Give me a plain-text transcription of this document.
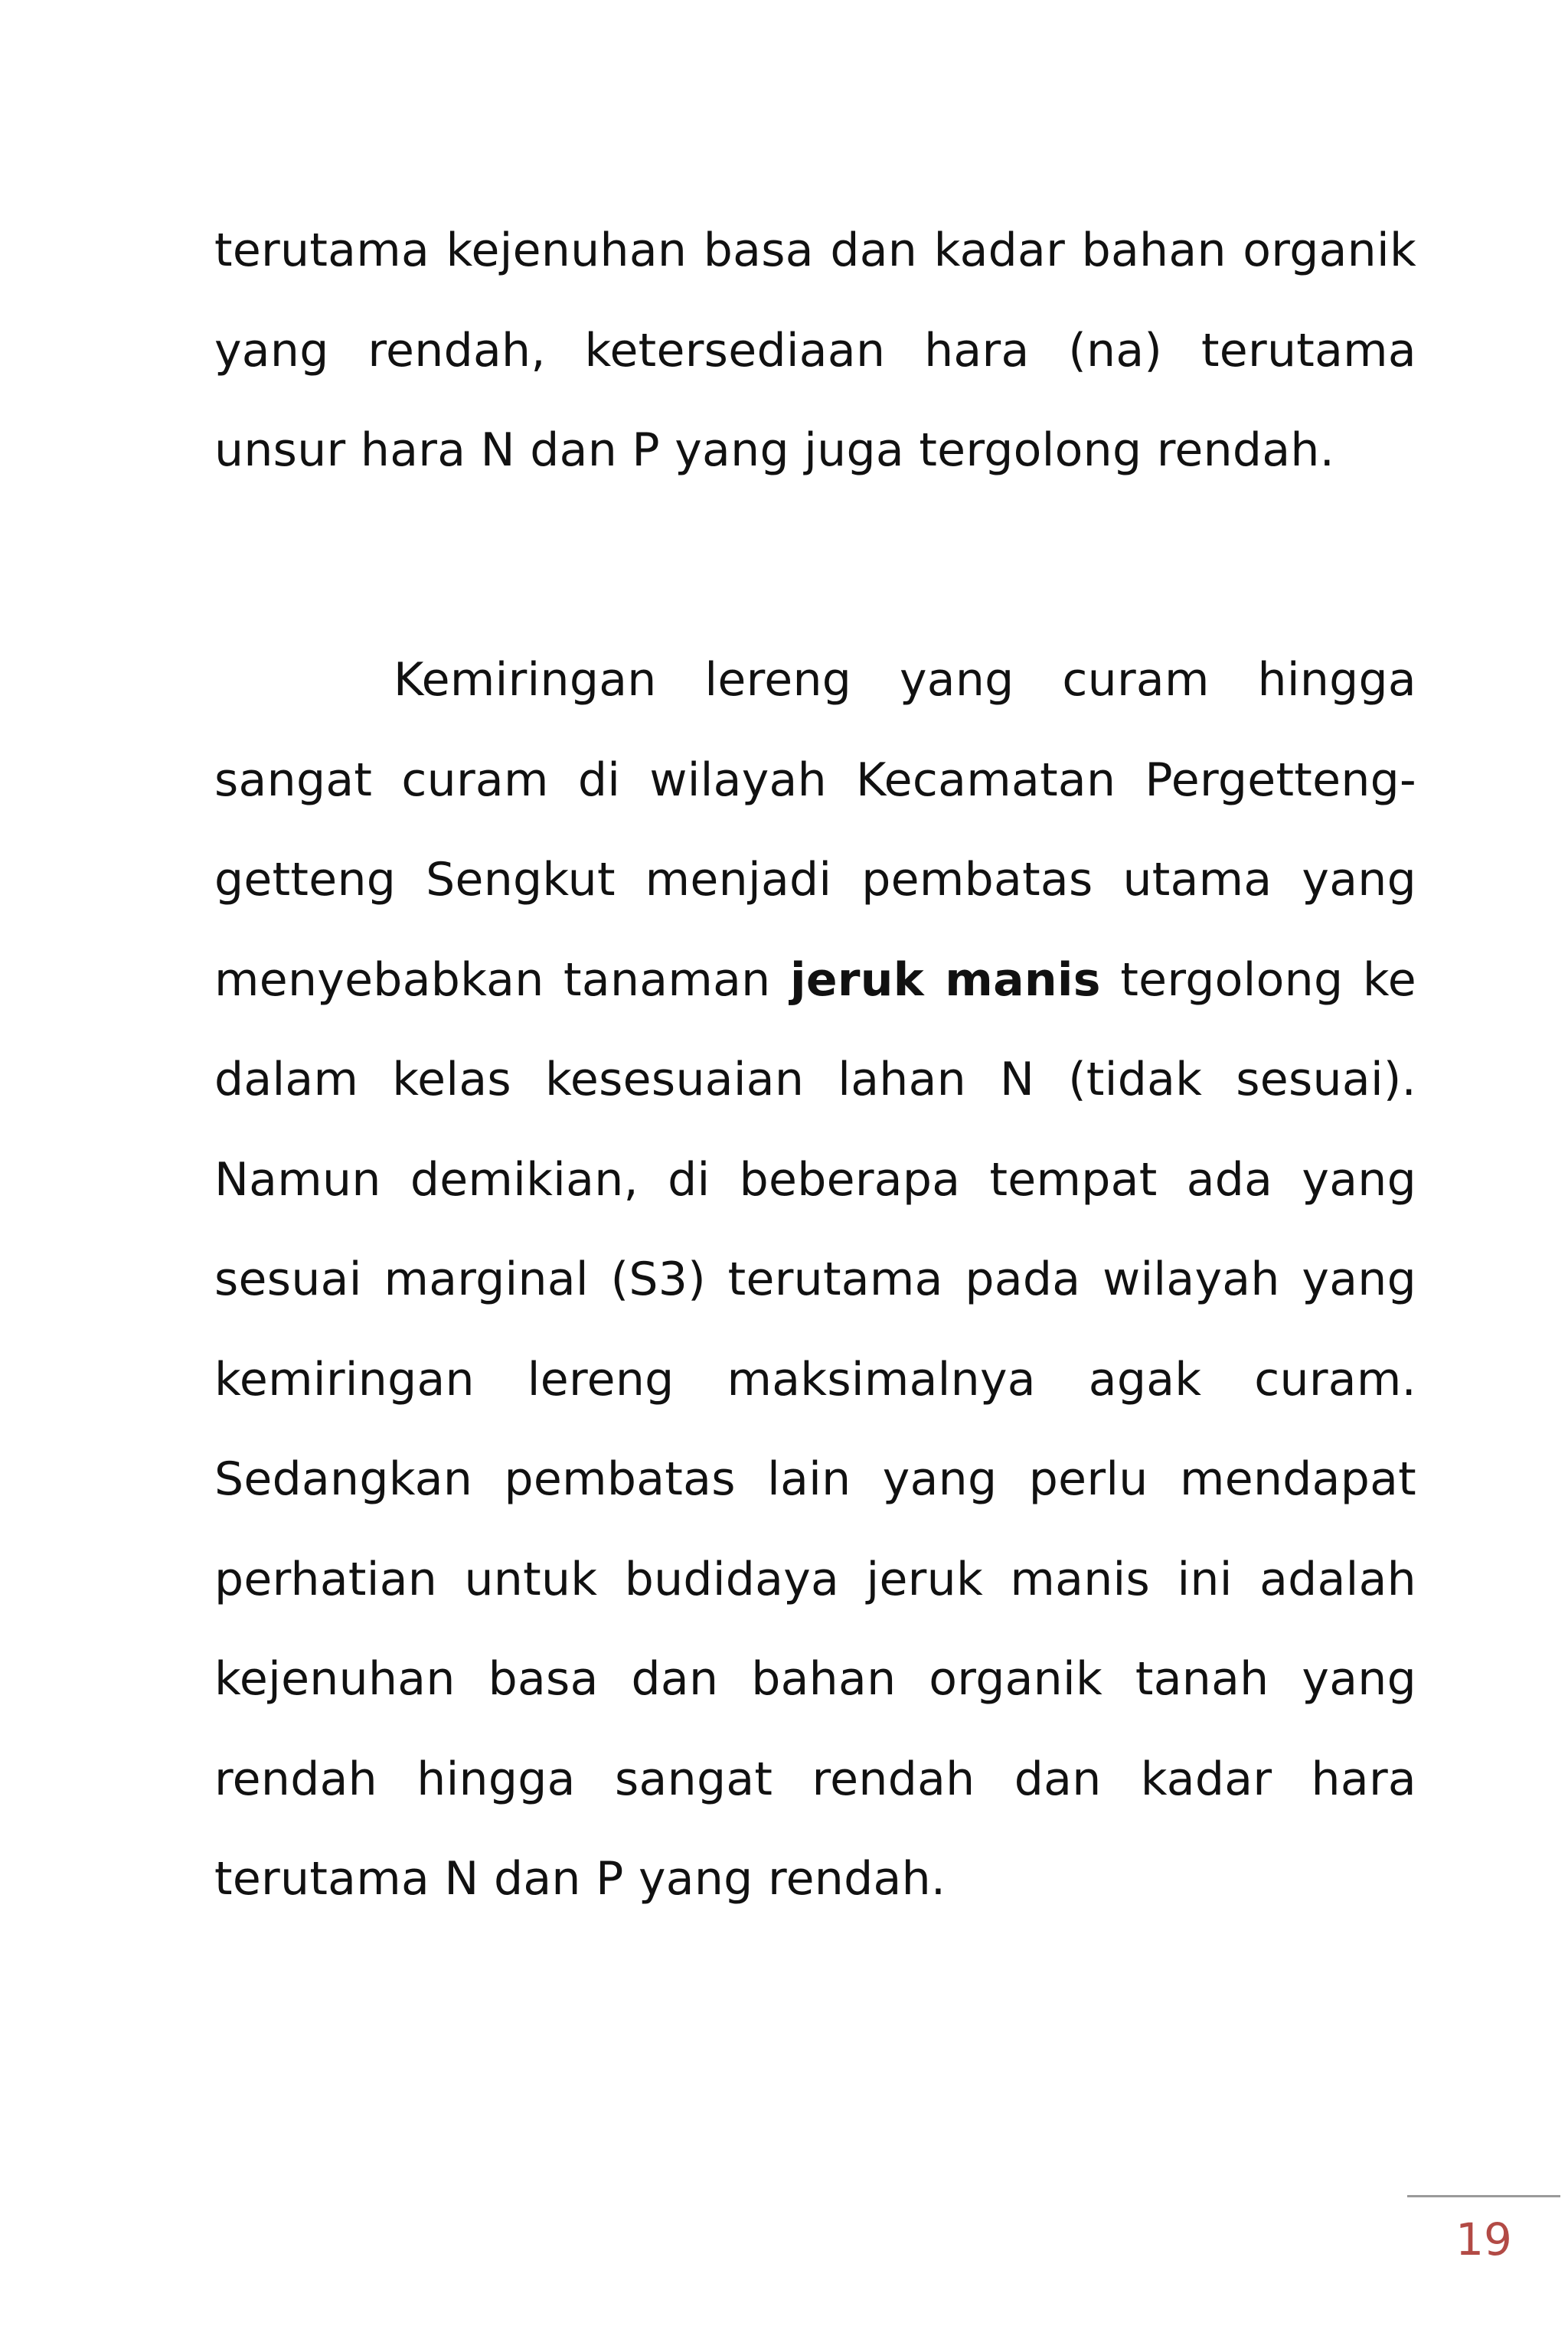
terutama kejenuhan basa dan kadar bahan organik yang rendah, ketersediaan hara (na) terutama unsur hara N dan P yang juga tergolong rendah.
Kemiringan lereng yang curam hingga sangat curam di wilayah Kecamatan Pergetteng-getteng Sengkut menjadi pembatas utama yang menyebabkan tanaman jeruk manis tergolong ke dalam kelas kesesuaian lahan N (tidak sesuai). Namun demikian, di beberapa tempat ada yang sesuai marginal (S3) terutama pada wilayah yang kemiringan lereng maksimalnya agak curam. Sedangkan pembatas lain yang perlu mendapat perhatian untuk budidaya jeruk manis ini adalah kejenuhan basa dan bahan organik tanah yang rendah hingga sangat rendah dan kadar hara terutama N dan P yang rendah.
19
